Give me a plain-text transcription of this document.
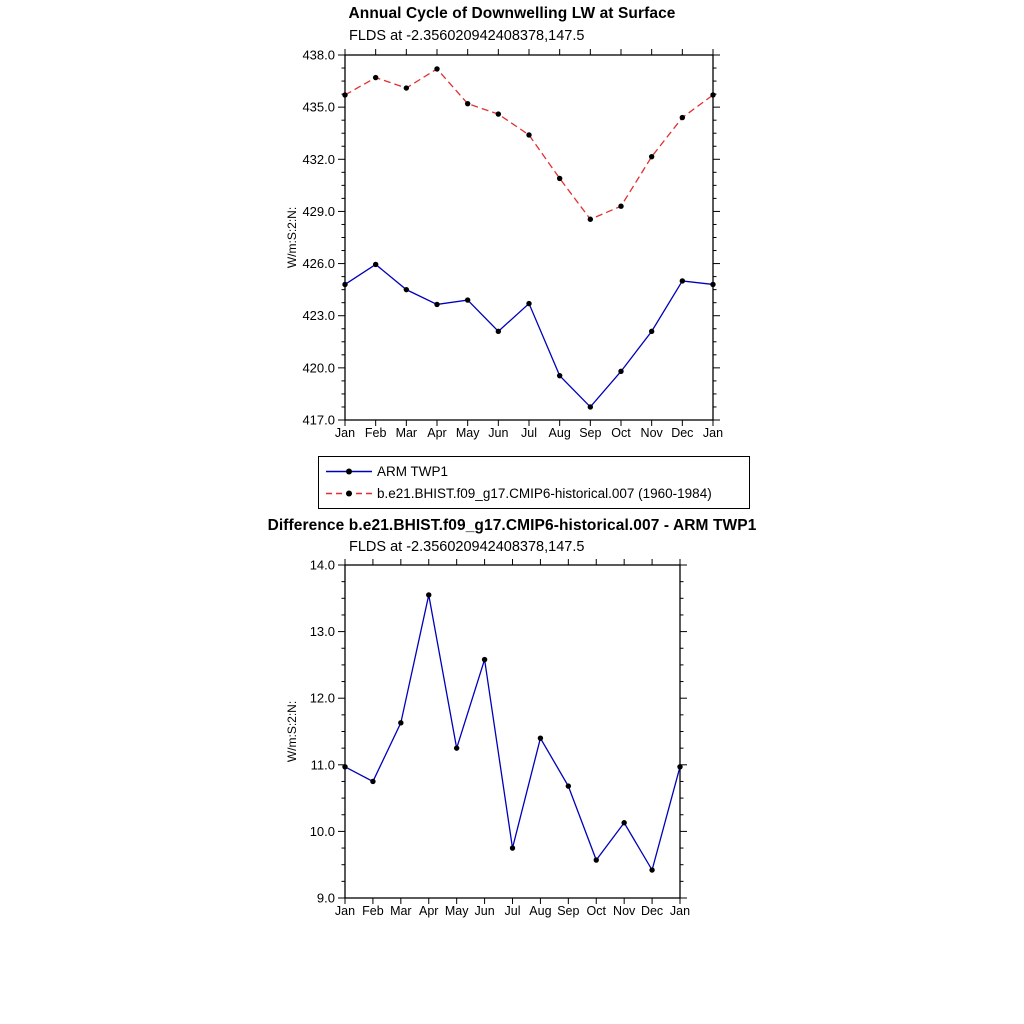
Annual Cycle of Downwelling LW at Surface
FLDS at -2.356020942408378,147.5
417.0
420.0
423.0
426.0
429.0
432.0
435.0
438.0
Jan Feb Mar Apr May Jun Jul Aug Sep Oct Nov Dec Jan
W/m:S:2:N:
ARM TWP1
b.e21.BHIST.f09_g17.CMIP6-historical.007 (1960-1984)
Difference b.e21.BHIST.f09_g17.CMIP6-historical.007 - ARM TWP1
FLDS at -2.356020942408378,147.5
9.0
10.0
11.0
12.0
13.0
14.0
Jan Feb Mar Apr May Jun Jul Aug Sep Oct Nov Dec Jan
W/m:S:2:N:
